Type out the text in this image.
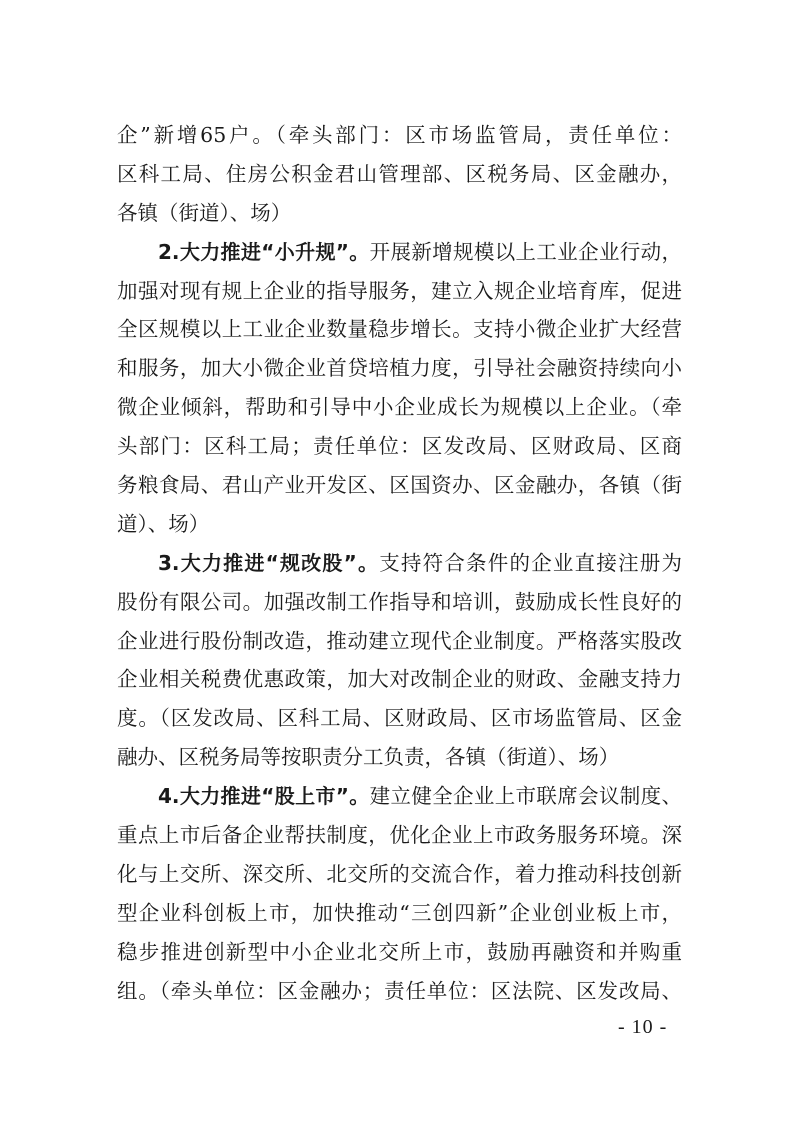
企”新增65户。（牵头部门：区市场监管局，责任单位：
区科工局、住房公积金君山管理部、区税务局、区金融办，
各镇（街道）、场）
2.大力推进“小升规”。开展新增规模以上工业企业行动，
加强对现有规上企业的指导服务，建立入规企业培育库，促进
全区规模以上工业企业数量稳步增长。支持小微企业扩大经营
和服务，加大小微企业首贷培植力度，引导社会融资持续向小
微企业倾斜，帮助和引导中小企业成长为规模以上企业。（牵
头部门：区科工局；责任单位：区发改局、区财政局、区商
务粮食局、君山产业开发区、区国资办、区金融办，各镇（街
道）、场）
3.大力推进“规改股”。支持符合条件的企业直接注册为
股份有限公司。加强改制工作指导和培训，鼓励成长性良好的
企业进行股份制改造，推动建立现代企业制度。严格落实股改
企业相关税费优惠政策，加大对改制企业的财政、金融支持力
度。（区发改局、区科工局、区财政局、区市场监管局、区金
融办、区税务局等按职责分工负责，各镇（街道）、场）
4.大力推进“股上市”。建立健全企业上市联席会议制度、
重点上市后备企业帮扶制度，优化企业上市政务服务环境。深
化与上交所、深交所、北交所的交流合作，着力推动科技创新
型企业科创板上市，加快推动“三创四新”企业创业板上市，
稳步推进创新型中小企业北交所上市，鼓励再融资和并购重
组。（牵头单位：区金融办；责任单位：区法院、区发改局、
- 10 -
